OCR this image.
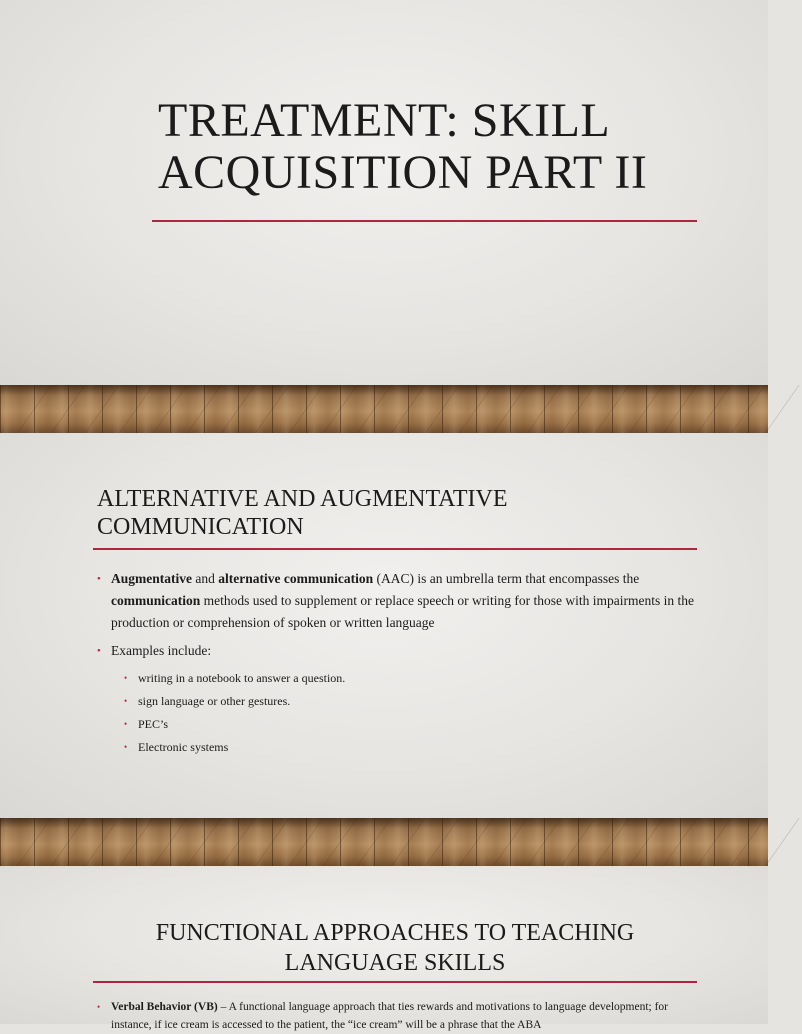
TREATMENT: SKILL
ACQUISITION PART II
ALTERNATIVE AND AUGMENTATIVE
COMMUNICATION
• Augmentative and alternative communication (AAC) is an umbrella term that encompasses the communication methods used to supplement or replace speech or writing for those with impairments in the production or comprehension of spoken or written language
• Examples include:
• writing in a notebook to answer a question.
• sign language or other gestures.
• PEC’s
• Electronic systems
FUNCTIONAL APPROACHES TO TEACHING
LANGUAGE SKILLS
• Verbal Behavior (VB) – A functional language approach that ties rewards and motivations to language development; for instance, if ice cream is accessed to the patient, the “ice cream” will be a phrase that the ABA
